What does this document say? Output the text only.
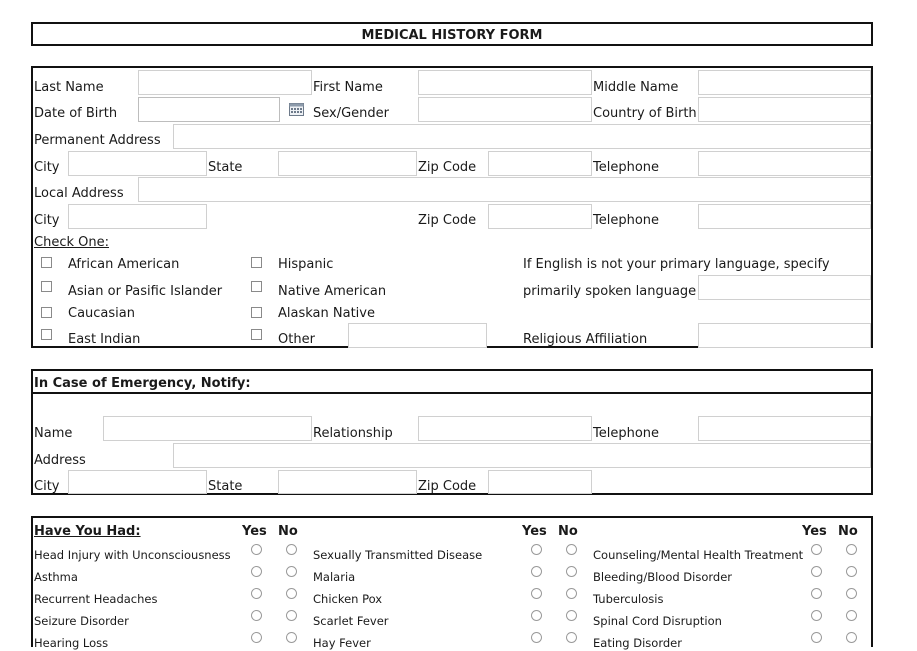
MEDICAL HISTORY FORM
Last Name	First Name	Middle Name
Date of Birth	Sex/Gender	Country of Birth
Permanent Address
City	State	Zip Code	Telephone
Local Address
City	Zip Code	Telephone
Check One:
African American	Hispanic	If English is not your primary language, specify
Asian or Pasific Islander	Native American	primarily spoken language
Caucasian	Alaskan Native
East Indian	Other	Religious Affiliation
In Case of Emergency, Notify:
Name	Relationship	Telephone
Address
City	State	Zip Code
Have You Had:	Yes No	Yes No	Yes No
Head Injury with Unconsciousness	Sexually Transmitted Disease	Counseling/Mental Health Treatment
Asthma	Malaria	Bleeding/Blood Disorder
Recurrent Headaches	Chicken Pox	Tuberculosis
Seizure Disorder	Scarlet Fever	Spinal Cord Disruption
Hearing Loss	Hay Fever	Eating Disorder
